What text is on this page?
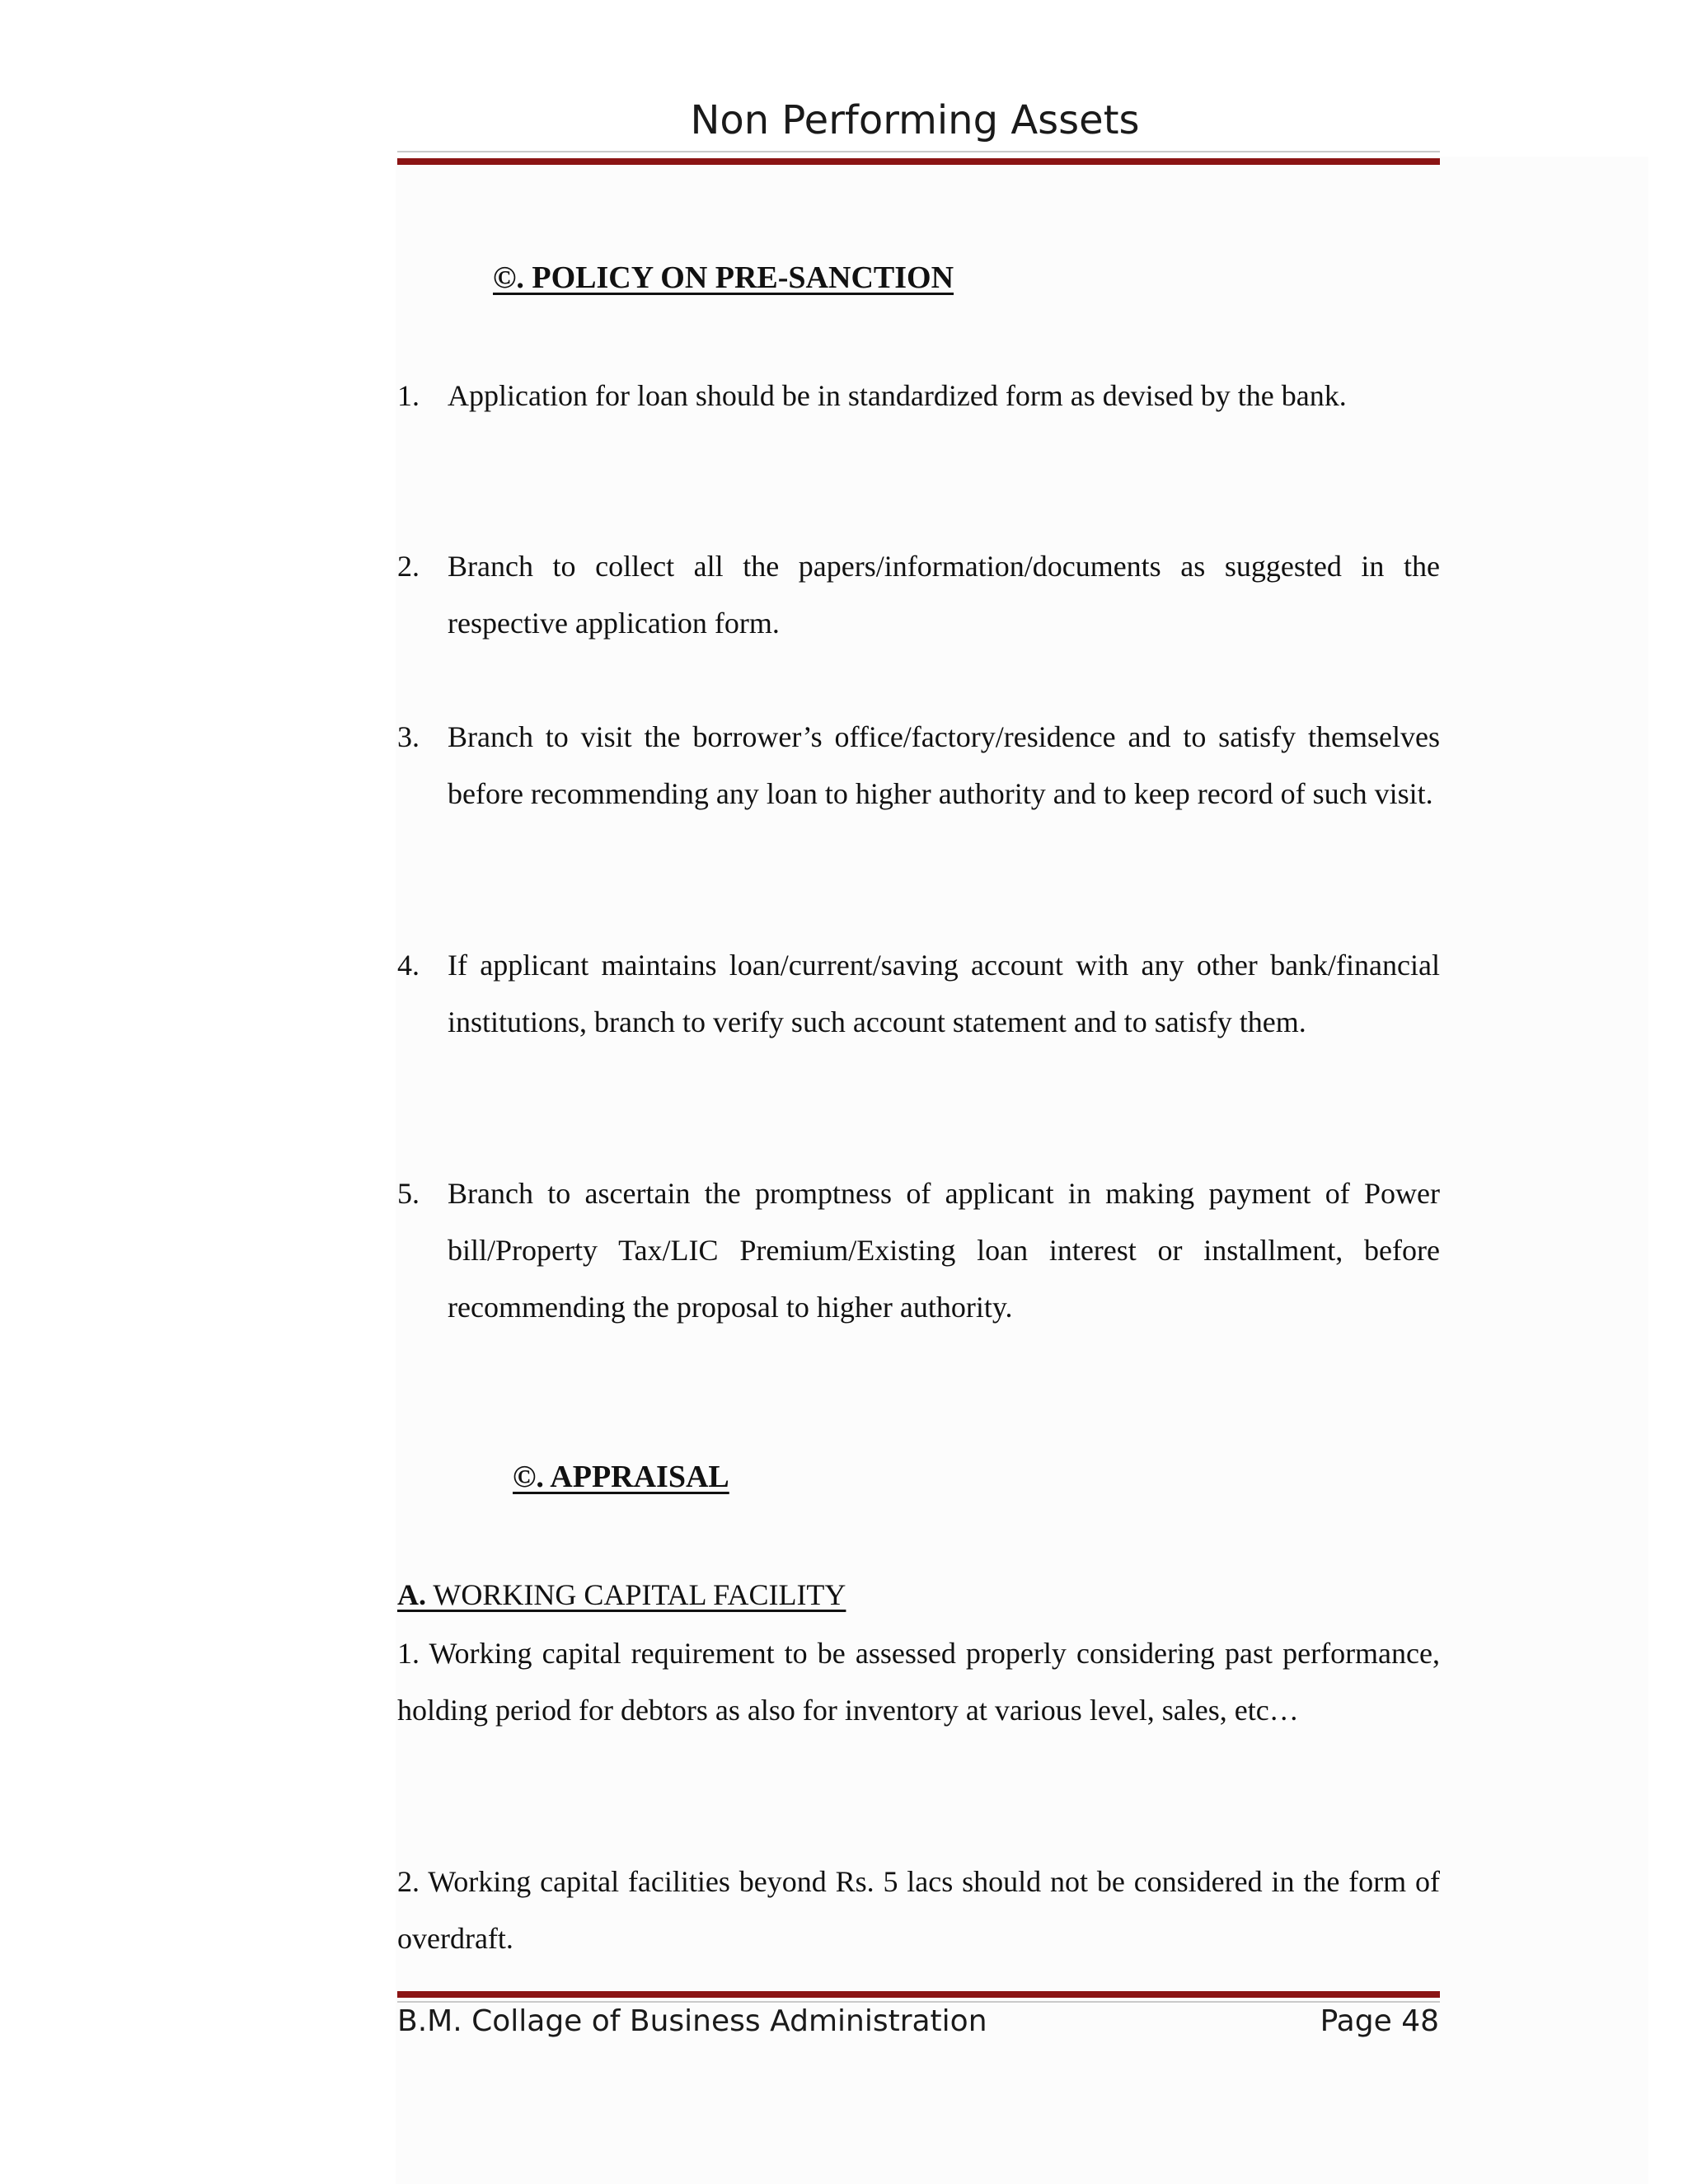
Non Performing Assets
©. POLICY ON PRE-SANCTION
1. Application for loan should be in standardized form as devised by the bank.
2. Branch to collect all the papers/information/documents as suggested in the respective application form.
3. Branch to visit the borrower’s office/factory/residence and to satisfy themselves before recommending any loan to higher authority and to keep record of such visit.
4. If applicant maintains loan/current/saving account with any other bank/financial institutions, branch to verify such account statement and to satisfy them.
5. Branch to ascertain the promptness of applicant in making payment of Power bill/Property Tax/LIC Premium/Existing loan interest or installment, before recommending the proposal to higher authority.
©. APPRAISAL
A. WORKING CAPITAL FACILITY
1. Working capital requirement to be assessed properly considering past performance, holding period for debtors as also for inventory at various level, sales, etc…
2. Working capital facilities beyond Rs. 5 lacs should not be considered in the form of overdraft.
B.M. Collage of Business Administration	Page 48
